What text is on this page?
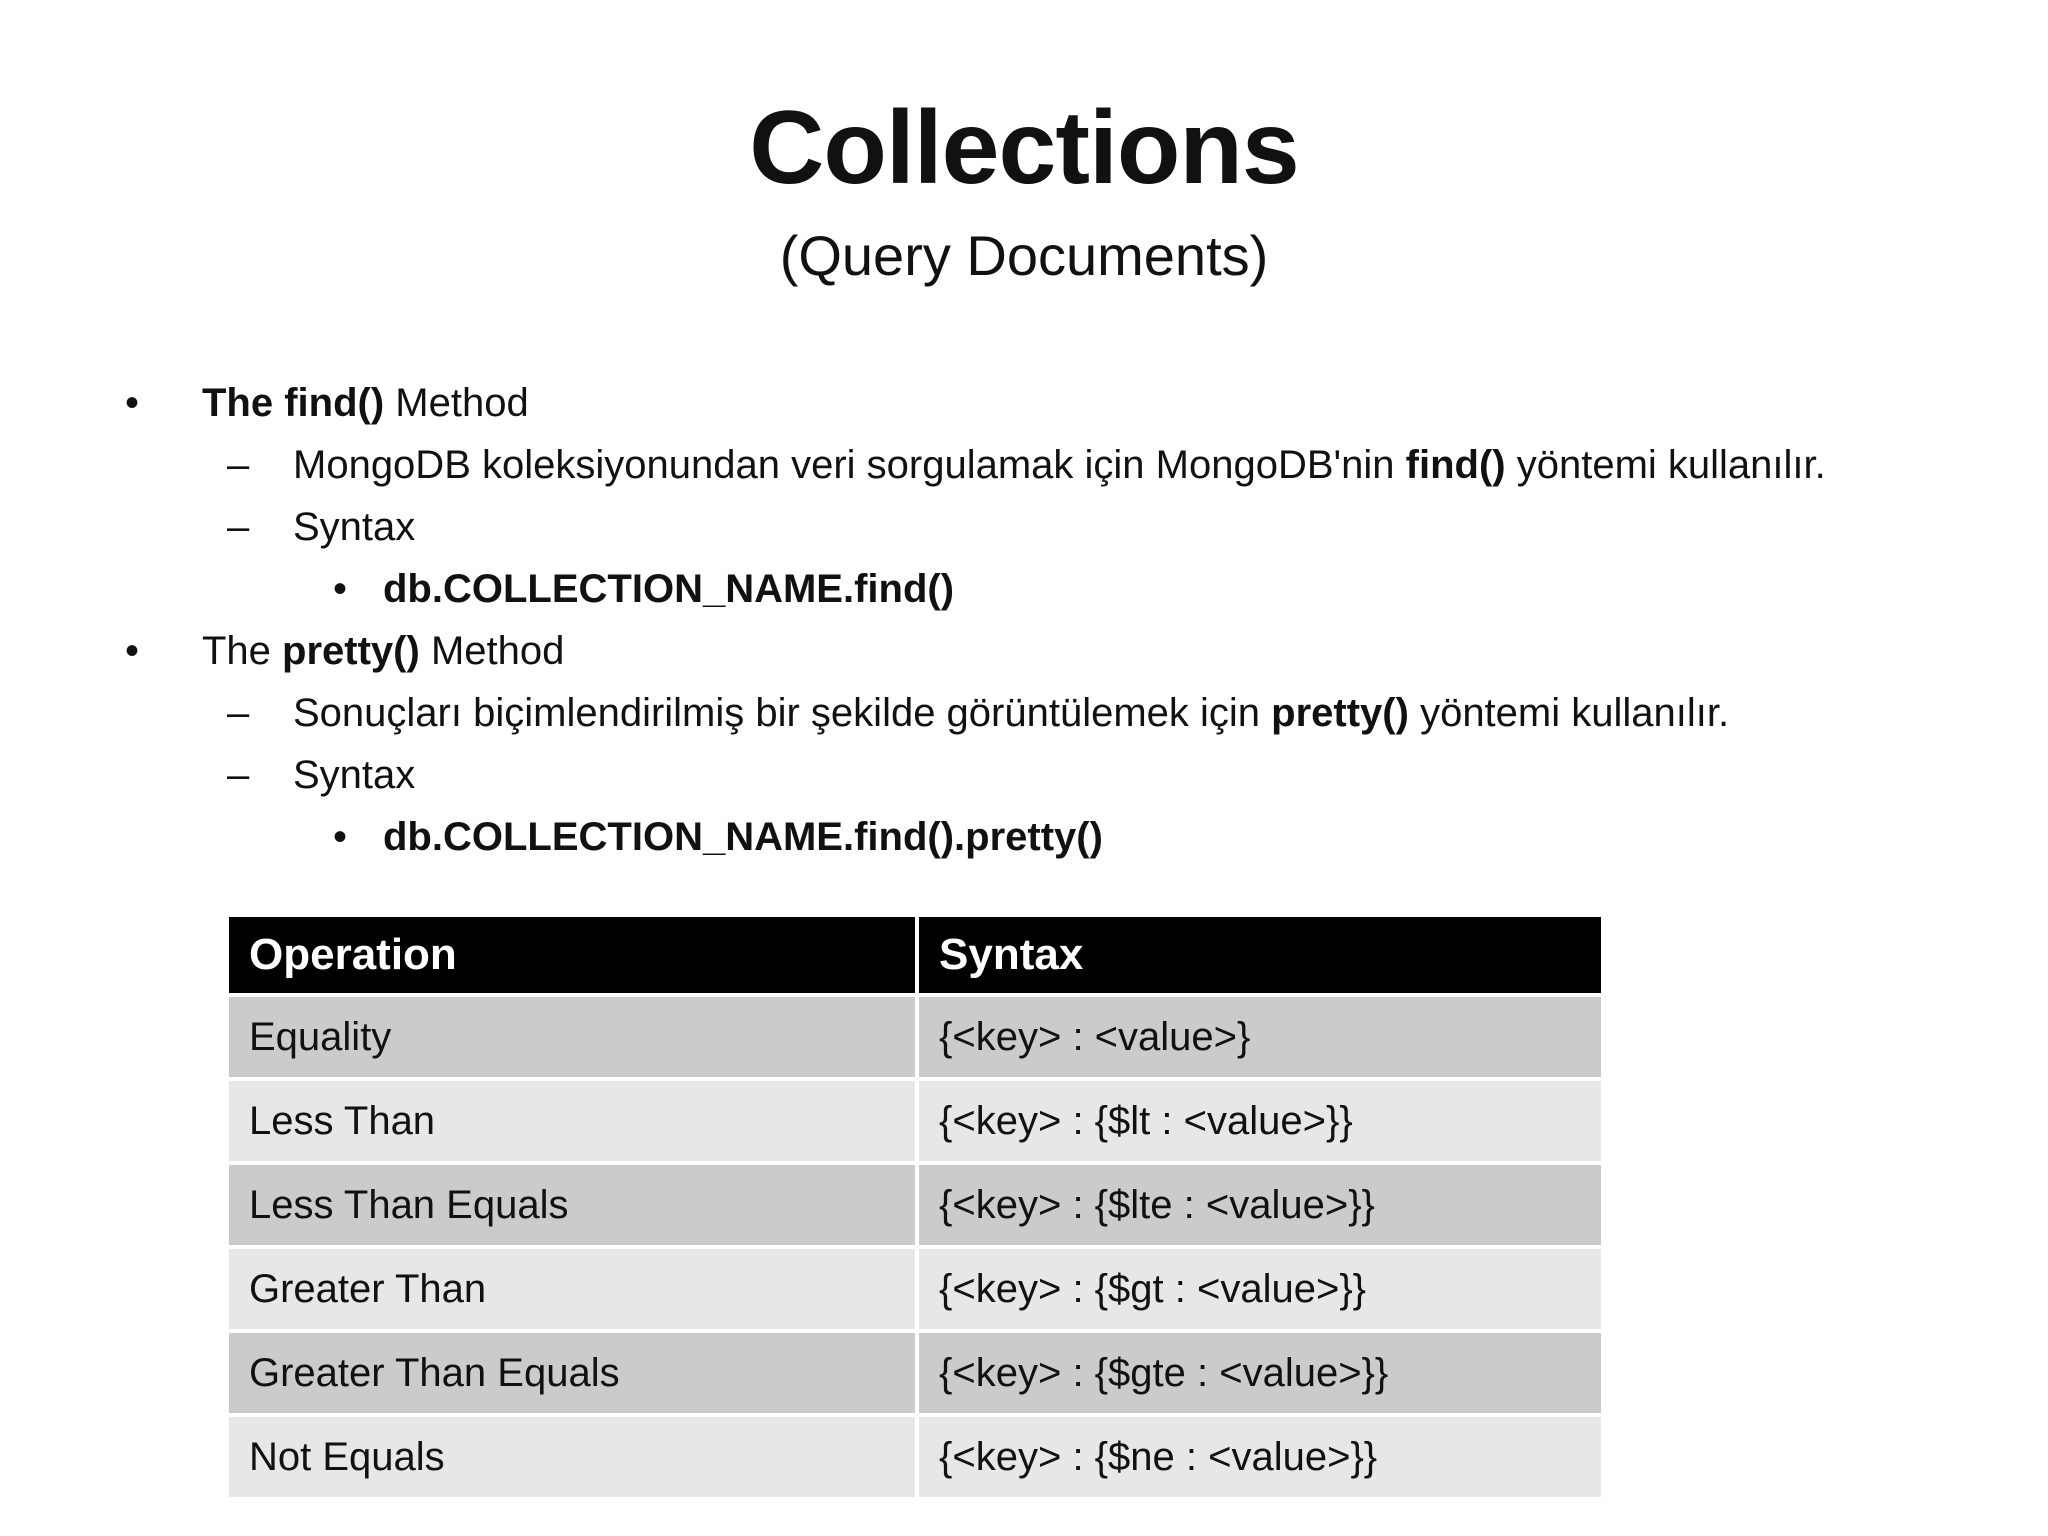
Collections
(Query Documents)
• The find() Method
– MongoDB koleksiyonundan veri sorgulamak için MongoDB'nin find() yöntemi kullanılır.
– Syntax
• db.COLLECTION_NAME.find()
• The pretty() Method
– Sonuçları biçimlendirilmiş bir şekilde görüntülemek için pretty() yöntemi kullanılır.
– Syntax
• db.COLLECTION_NAME.find().pretty()
Operation	Syntax
Equality	{<key> : <value>}
Less Than	{<key> : {$lt : <value>}}
Less Than Equals	{<key> : {$lte : <value>}}
Greater Than	{<key> : {$gt : <value>}}
Greater Than Equals	{<key> : {$gte : <value>}}
Not Equals	{<key> : {$ne : <value>}}
